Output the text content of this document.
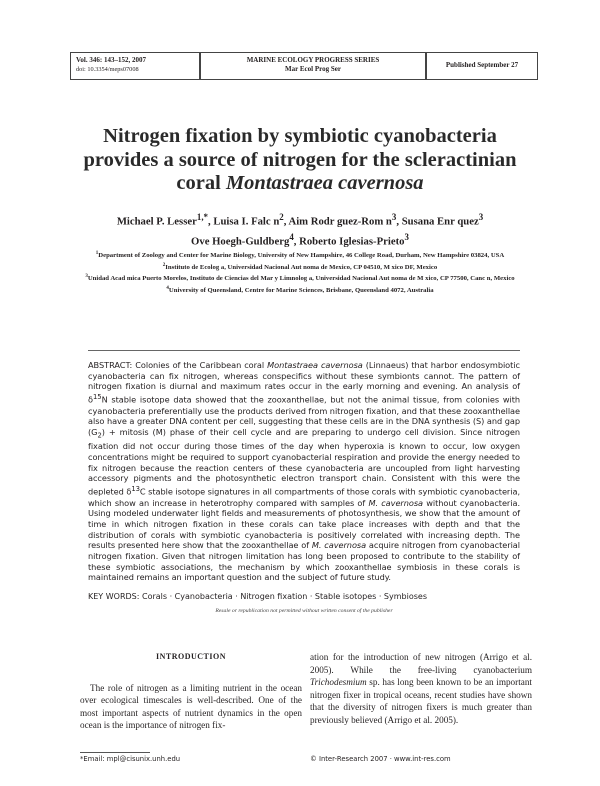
Vol. 346: 143–152, 2007
doi: 10.3354/meps07008
MARINE ECOLOGY PROGRESS SERIES
Mar Ecol Prog Ser	Published September 27
Nitrogen fixation by symbiotic cyanobacteria
provides a source of nitrogen for the scleractinian
coral Montastraea cavernosa
Michael P. Lesser$^{1,*}$, Luisa I. Falc $n^2$, Aim Rodr guez-Rom $n^3$, Susana Enr quez$^3$
Ove Hoegh-Guldberg$^4$, Roberto Iglesias-Prieto$^3$
$^1$Department of Zoology and Center for Marine Biology, University of New Hampshire, 46 College Road, Durham, New Hampshire 03824, USA
$^2$Instituto de Ecolog a, Universidad Nacional Aut noma de Mexico, CP 04510, M xico DF, Mexico
$^3$Unidad Acad mica Puerto Morelos, Instituto de Ciencias del Mar y Limnolog a, Universidad Nacional Aut noma de M xico, CP 77500, Canc n, Mexico
$^4$University of Queensland, Centre for Marine Sciences, Brisbane, Queensland 4072, Australia
ABSTRACT: Colonies of the Caribbean coral Montastraea cavernosa (Linnaeus) that harbor endosymbiotic cyanobacteria can fix nitrogen, whereas conspecifics without these symbionts cannot. The pattern of nitrogen fixation is diurnal and maximum rates occur in the early morning and evening. An analysis of $\delta^{15}N$ stable isotope data showed that the zooxanthellae, but not the animal tissue, from colonies with cyanobacteria preferentially use the products derived from nitrogen fixation, and that these zooxanthellae also have a greater DNA content per cell, suggesting that these cells are in the DNA synthesis (S) and gap $(G_2)$ + mitosis (M) phase of their cell cycle and are preparing to undergo cell division. Since nitrogen fixation did not occur during those times of the day when hyperoxia is known to occur, low oxygen concentrations might be required to support cyanobacterial respiration and provide the energy needed to fix nitrogen because the reaction centers of these cyanobacteria are uncoupled from light harvesting accessory pigments and the photosynthetic electron transport chain. Consistent with this were the depleted $\delta^{13}C$ stable isotope signatures in all compartments of those corals with symbiotic cyanobacteria, which show an increase in heterotrophy compared with samples of M. cavernosa without cyanobacteria. Using modeled underwater light fields and measurements of photosynthesis, we show that the amount of time in which nitrogen fixation in these corals can take place increases with depth and that the distribution of corals with symbiotic cyanobacteria is positively correlated with increasing depth. The results presented here show that the zooxanthellae of M. cavernosa acquire nitrogen from cyanobacterial nitrogen fixation. Given that nitrogen limitation has long been proposed to contribute to the stability of these symbiotic associations, the mechanism by which zooxanthellae symbiosis in these corals is maintained remains an important question and the subject of future study.
KEY WORDS: Corals · Cyanobacteria · Nitrogen fixation · Stable isotopes · Symbioses
Resale or republication not permitted without written consent of the publisher
INTRODUCTION

The role of nitrogen as a limiting nutrient in the ocean over ecological timescales is well-described. One of the most important aspects of nutrient dynamics in the open ocean is the importance of nitrogen fix-

ation for the introduction of new nitrogen (Arrigo et al. 2005). While the free-living cyanobacterium Trichodesmium sp. has long been known to be an important nitrogen fixer in tropical oceans, recent studies have shown that the diversity of nitrogen fixers is much greater than previously believed (Arrigo et al. 2005).

*Email: mpl@cisunix.unh.edu	© Inter-Research 2007 · www.int-res.com
